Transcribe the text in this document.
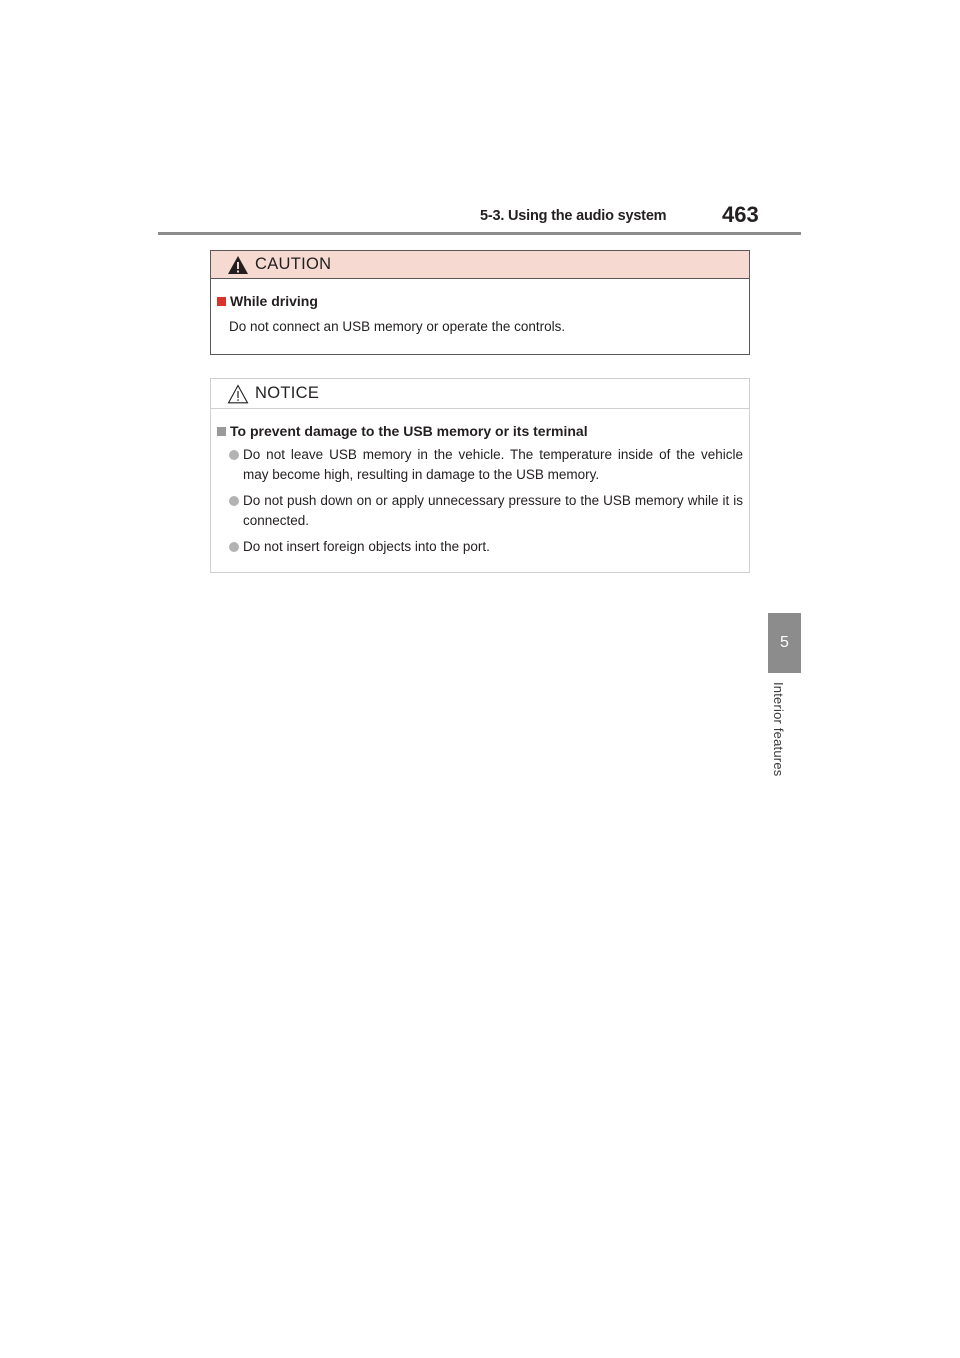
5-3. Using the audio system	463
5
Interior features
CAUTION
While driving
Do not connect an USB memory or operate the controls.
NOTICE
To prevent damage to the USB memory or its terminal
Do not leave USB memory in the vehicle. The temperature inside of the vehicle may become high, resulting in damage to the USB memory.
Do not push down on or apply unnecessary pressure to the USB memory while it is connected.
Do not insert foreign objects into the port.
